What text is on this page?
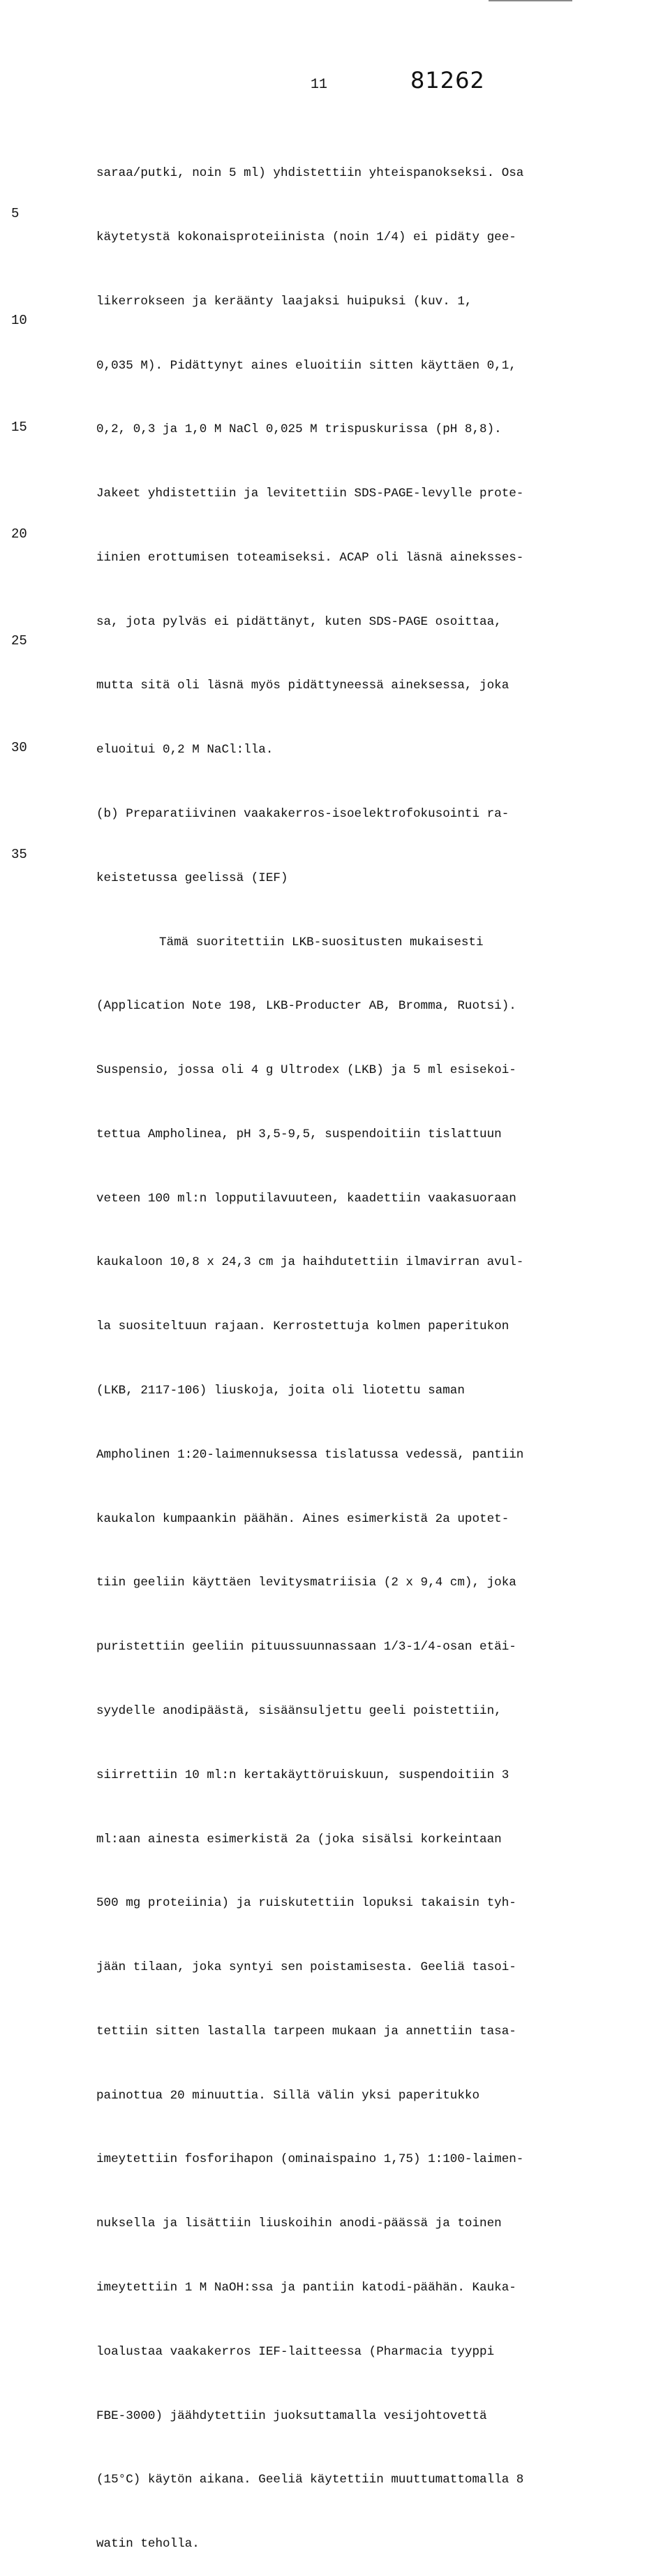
11	81262
5
10
15
20
25
30
35

saraa/putki, noin 5 ml) yhdistettiin yhteispanokseksi. Osa

käytetystä kokonaisproteiinista (noin 1/4) ei pidäty gee-

likerrokseen ja keräänty laajaksi huipuksi (kuv. 1,

0,035 M). Pidättynyt aines eluoitiin sitten käyttäen 0,1,

0,2, 0,3 ja 1,0 M NaCl 0,025 M trispuskurissa (pH 8,8).

Jakeet yhdistettiin ja levitettiin SDS-PAGE-levylle prote-

iinien erottumisen toteamiseksi. ACAP oli läsnä aineksses-

sa, jota pylväs ei pidättänyt, kuten SDS-PAGE osoittaa,

mutta sitä oli läsnä myös pidättyneessä aineksessa, joka

eluoitui 0,2 M NaCl:lla.

(b) Preparatiivinen vaakakerros-isoelektrofokusointi ra-

keistetussa geelissä (IEF)

Tämä suoritettiin LKB-suositusten mukaisesti

(Application Note 198, LKB-Producter AB, Bromma, Ruotsi).

Suspensio, jossa oli 4 g Ultrodex (LKB) ja 5 ml esisekoi-

tettua Ampholinea, pH 3,5-9,5, suspendoitiin tislattuun

veteen 100 ml:n lopputilavuuteen, kaadettiin vaakasuoraan

kaukaloon 10,8 x 24,3 cm ja haihdutettiin ilmavirran avul-

la suositeltuun rajaan. Kerrostettuja kolmen paperitukon

(LKB, 2117-106) liuskoja, joita oli liotettu saman

Ampholinen 1:20-laimennuksessa tislatussa vedessä, pantiin

kaukalon kumpaankin päähän. Aines esimerkistä 2a upotet-

tiin geeliin käyttäen levitysmatriisia (2 x 9,4 cm), joka

puristettiin geeliin pituussuunnassaan 1/3-1/4-osan etäi-

syydelle anodipäästä, sisäänsuljettu geeli poistettiin,

siirrettiin 10 ml:n kertakäyttöruiskuun, suspendoitiin 3

ml:aan ainesta esimerkistä 2a (joka sisälsi korkeintaan

500 mg proteiinia) ja ruiskutettiin lopuksi takaisin tyh-

jään tilaan, joka syntyi sen poistamisesta. Geeliä tasoi-

tettiin sitten lastalla tarpeen mukaan ja annettiin tasa-

painottua 20 minuuttia. Sillä välin yksi paperitukko

imeytettiin fosforihapon (ominaispaino 1,75) 1:100-laimen-

nuksella ja lisättiin liuskoihin anodi-päässä ja toinen

imeytettiin 1 M NaOH:ssa ja pantiin katodi-päähän. Kauka-

loalustaa vaakakerros IEF-laitteessa (Pharmacia tyyppi

FBE-3000) jäähdytettiin juoksuttamalla vesijohtovettä

(15°C) käytön aikana. Geeliä käytettiin muuttumattomalla 8

watin teholla.
